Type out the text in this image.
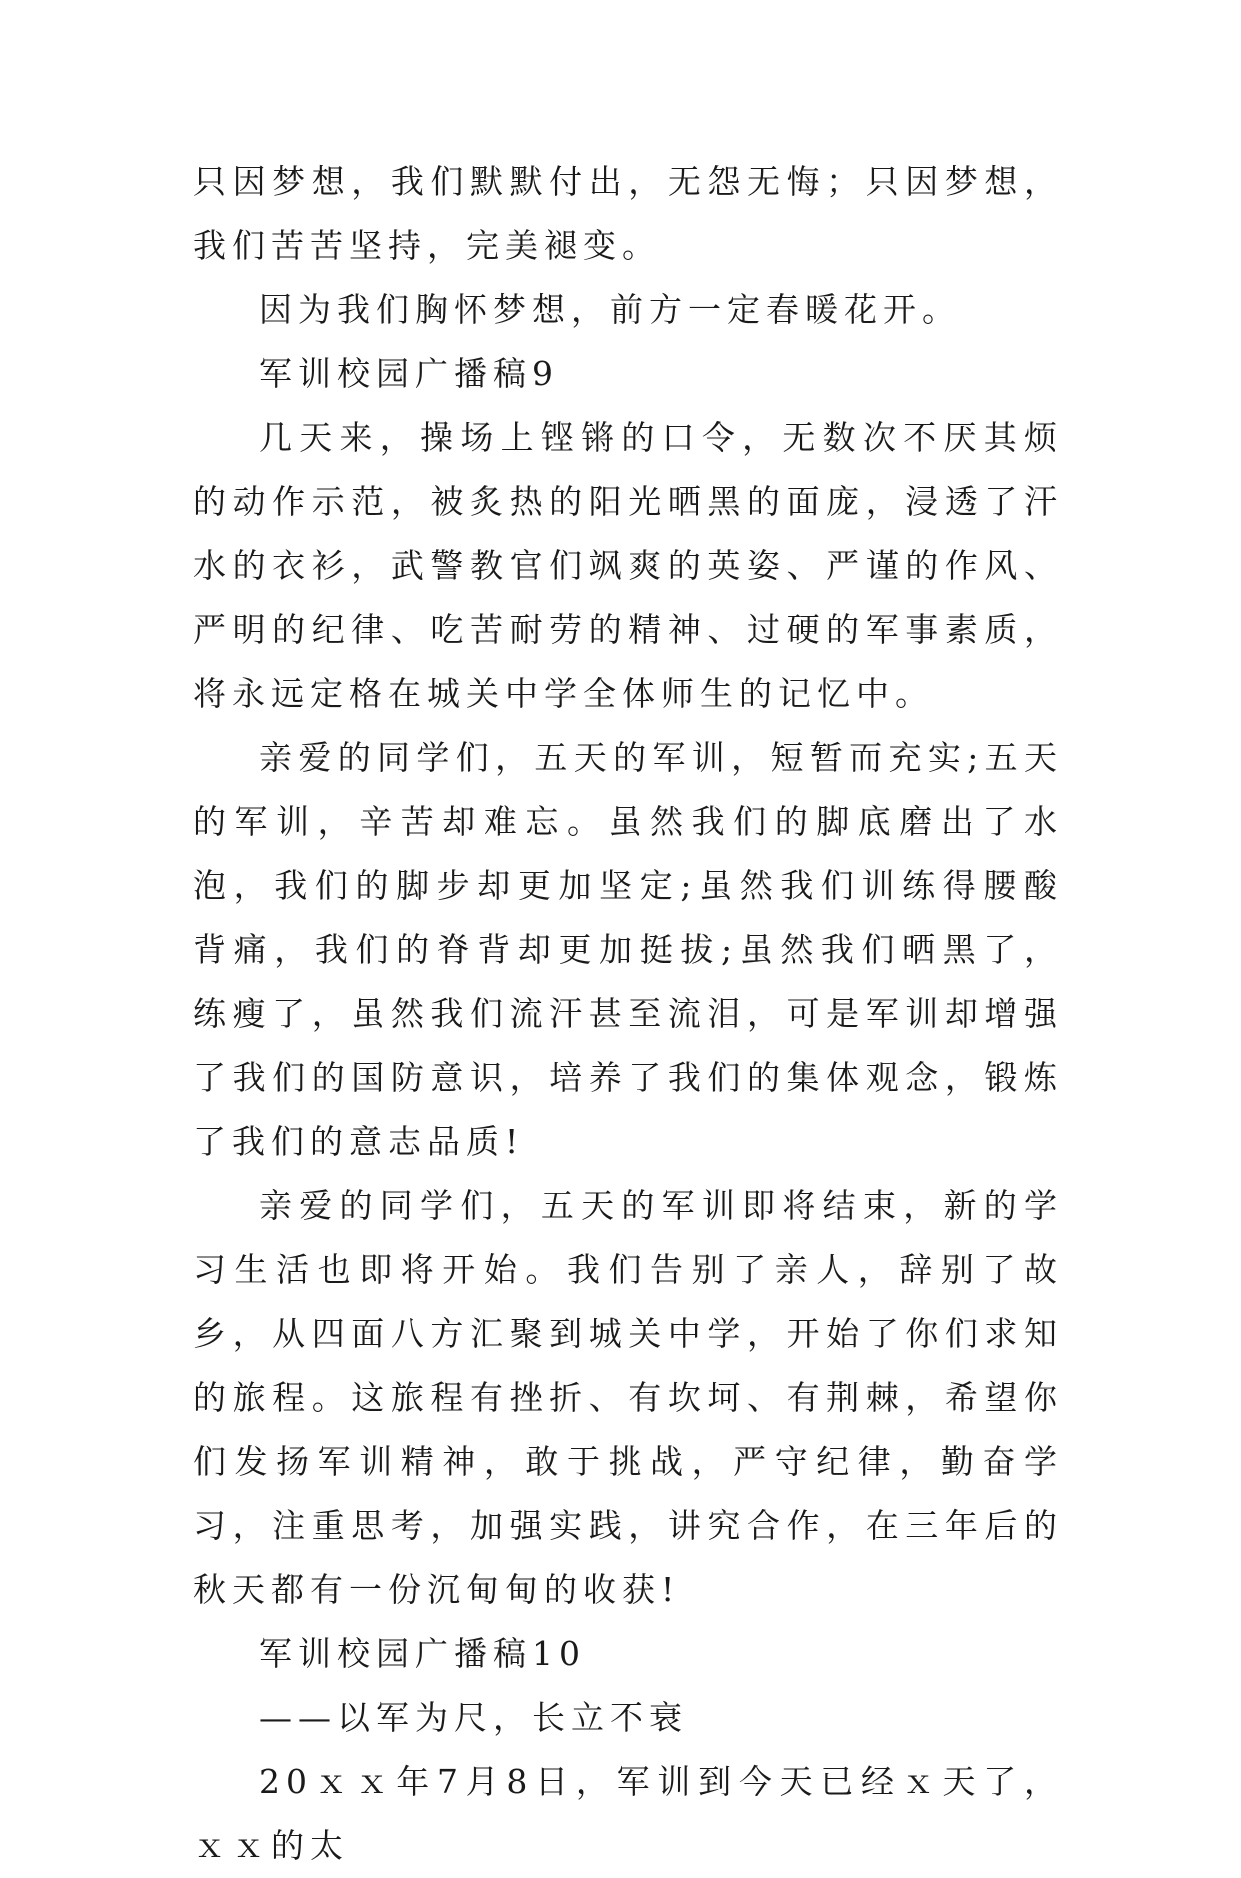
只因梦想，我们默默付出，无怨无悔；只因梦想，我们苦苦坚持，完美褪变。

因为我们胸怀梦想，前方一定春暖花开。

军训校园广播稿9

几天来，操场上铿锵的口令，无数次不厌其烦的动作示范，被炙热的阳光晒黑的面庞，浸透了汗水的衣衫，武警教官们飒爽的英姿、严谨的作风、严明的纪律、吃苦耐劳的精神、过硬的军事素质，将永远定格在城关中学全体师生的记忆中。

亲爱的同学们，五天的军训，短暂而充实;五天的军训，辛苦却难忘。虽然我们的脚底磨出了水泡，我们的脚步却更加坚定;虽然我们训练得腰酸背痛，我们的脊背却更加挺拔;虽然我们晒黑了，练瘦了，虽然我们流汗甚至流泪，可是军训却增强了我们的国防意识，培养了我们的集体观念，锻炼了我们的意志品质!

亲爱的同学们，五天的军训即将结束，新的学习生活也即将开始。我们告别了亲人，辞别了故乡，从四面八方汇聚到城关中学，开始了你们求知的旅程。这旅程有挫折、有坎坷、有荆棘，希望你们发扬军训精神，敢于挑战，严守纪律，勤奋学习，注重思考，加强实践，讲究合作，在三年后的秋天都有一份沉甸甸的收获!

军训校园广播稿10

——以军为尺，长立不衰

20ｘｘ年7月8日，军训到今天已经ｘ天了，ｘｘ的太
